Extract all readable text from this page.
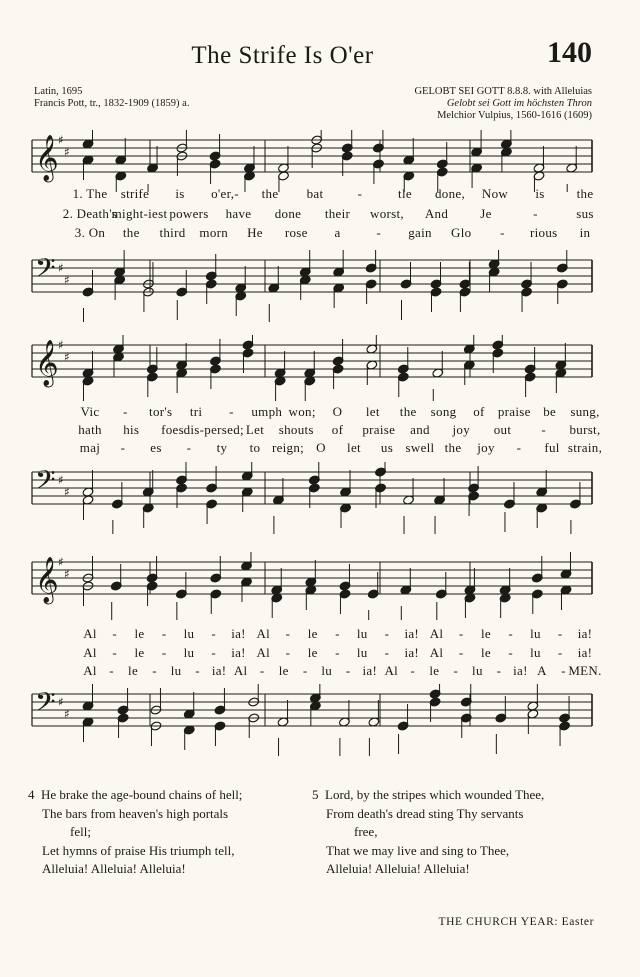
The Strife Is O'er	140
Latin, 1695
Francis Pott, tr., 1832-1909 (1859) a.
GELOBT SEI GOTT 8.8.8. with Alleluias
Gelobt sei Gott im höchsten Thron
Melchior Vulpius, 1560-1616 (1609)
𝄞 ♯
♯
1. The strife is o'er,- the bat	-	tle done, Now is the
2. Death's
might-iest powers have done their worst, And Je	-	sus
3. On the third morn He rose a	- gain Glo - rious in
𝄢 ♯
♯
𝄞 ♯
♯
Vic - tor's tri - umph won; O let the song of praise be sung,
hath his foes dis-persed; Let shouts of praise and joy out - burst,
maj - es - ty to reign; O let us swell the joy - ful strain,
𝄢 ♯
♯
𝄞 ♯
♯
Al - le - lu - ia! Al - le - lu - ia! Al - le - lu - ia!
Al - le - lu - ia! Al - le - lu - ia! Al - le - lu - ia!
Al - le - lu - ia! Al - le - lu - ia! Al - le - lu - ia! A - MEN.
𝄢 ♯
♯
4 He brake the age-bound chains of hell;
The bars from heaven's high portals
fell;
Let hymns of praise His triumph tell,
Alleluia! Alleluia! Alleluia!
5 Lord, by the stripes which wounded Thee,
From death's dread sting Thy servants
free,
That we may live and sing to Thee,
Alleluia! Alleluia! Alleluia!
THE CHURCH YEAR: Easter
